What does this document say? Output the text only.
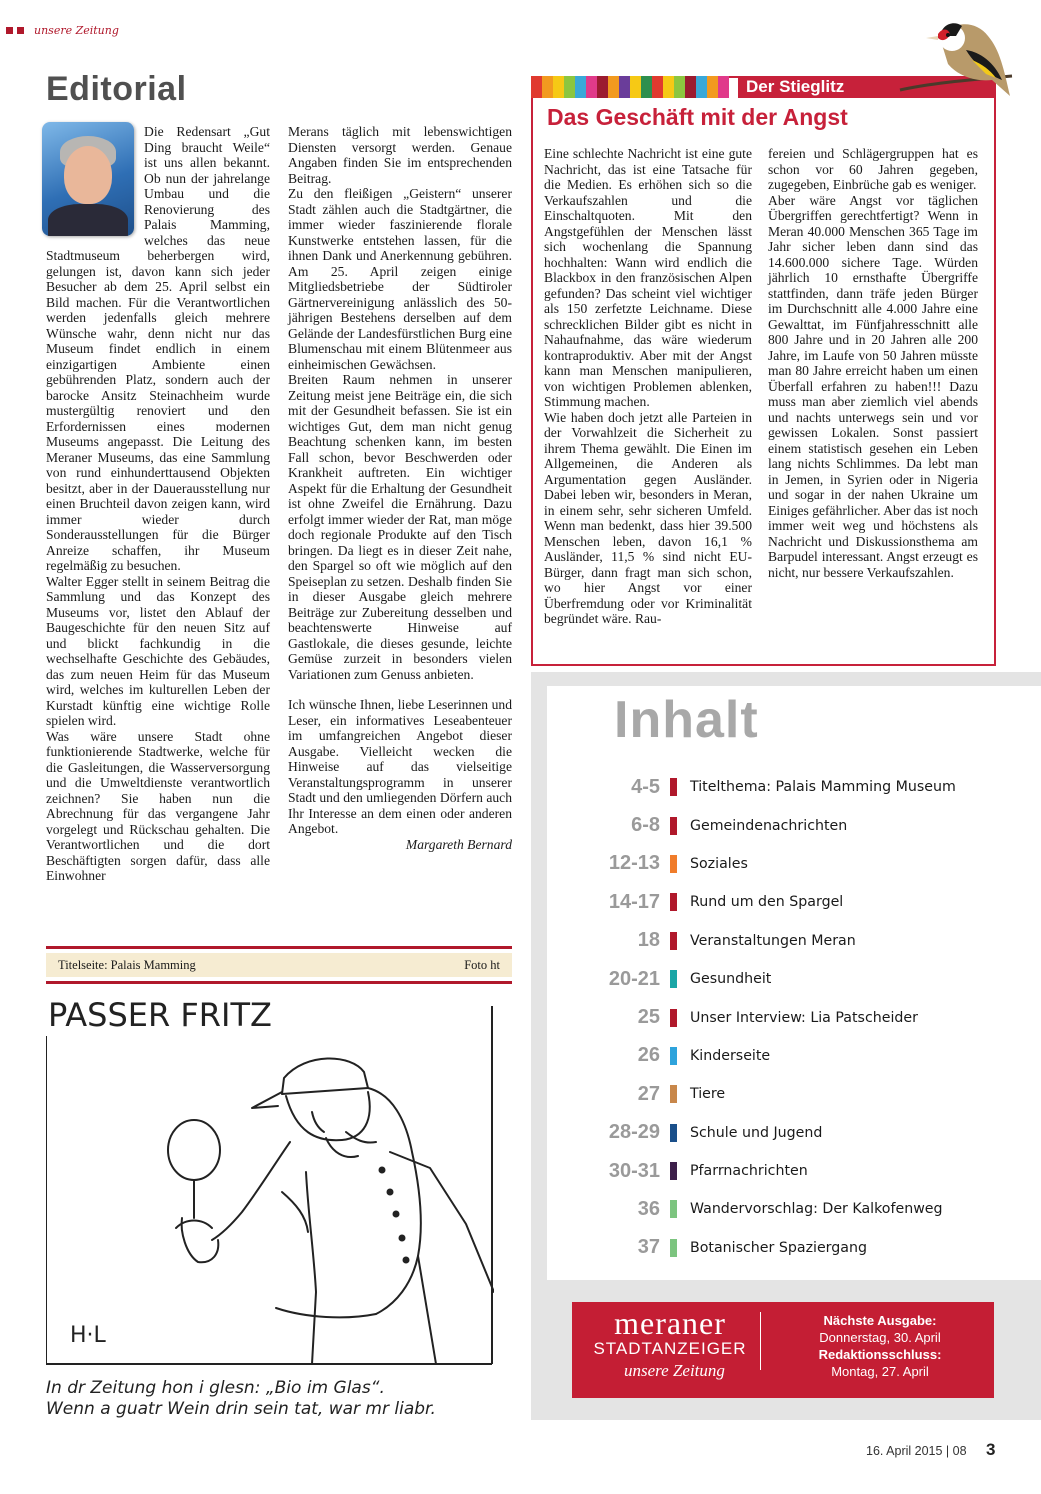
unsere Zeitung
Editorial

Die Redensart „Gut Ding braucht Weile“ ist uns allen bekannt. Ob nun der jahrelange Umbau und die Renovierung des Palais Mamming, welches das neue Stadtmuseum beherbergen wird, gelungen ist, davon kann sich jeder Besucher ab dem 25. April selbst ein Bild machen. Für die Verantwortlichen werden jedenfalls gleich mehrere Wünsche wahr, denn nicht nur das Museum findet endlich in einem einzigartigen Ambiente einen gebührenden Platz, sondern auch der barocke Ansitz Steinachheim wurde mustergültig renoviert und den Erfordernissen eines modernen Museums angepasst. Die Leitung des Meraner Museums, das eine Sammlung von rund einhunderttausend Objekten besitzt, aber in der Dauerausstellung nur einen Bruchteil davon zeigen kann, wird immer wieder durch Sonderausstellungen für die Bürger Anreize schaffen, ihr Museum regelmäßig zu besuchen.

Walter Egger stellt in seinem Beitrag die Sammlung und das Konzept des Museums vor, listet den Ablauf der Baugeschichte für den neuen Sitz auf und blickt fachkundig in die wechselhafte Geschichte des Gebäudes, das zum neuen Heim für das Museum wird, welches im kulturellen Leben der Kurstadt künftig eine wichtige Rolle spielen wird.

Was wäre unsere Stadt ohne funktionierende Stadtwerke, welche für die Gasleitungen, die Wasserversorgung und die Umweltdienste verantwortlich zeichnen? Sie haben nun die Abrechnung für das vergangene Jahr vorgelegt und Rückschau gehalten. Die Verantwortlichen und die dort Beschäftigten sorgen dafür, dass alle Einwohner

Merans täglich mit lebenswichtigen Diensten versorgt werden. Genaue Angaben finden Sie im entsprechenden Beitrag.

Zu den fleißigen „Geistern“ unserer Stadt zählen auch die Stadtgärtner, die immer wieder faszinierende florale Kunstwerke entstehen lassen, für die ihnen Dank und Anerkennung gebühren. Am 25. April zeigen einige Mitgliedsbetriebe der Südtiroler Gärtnervereinigung anlässlich des 50-jährigen Bestehens derselben auf dem Gelände der Landesfürstlichen Burg eine Blumenschau mit einem Blütenmeer aus einheimischen Gewächsen.

Breiten Raum nehmen in unserer Zeitung meist jene Beiträge ein, die sich mit der Gesundheit befassen. Sie ist ein wichtiges Gut, dem man nicht genug Beachtung schenken kann, im besten Fall schon, bevor Beschwerden oder Krankheit auftreten. Ein wichtiger Aspekt für die Erhaltung der Gesundheit ist ohne Zweifel die Ernährung. Dazu erfolgt immer wieder der Rat, man möge doch regionale Produkte auf den Tisch bringen. Da liegt es in dieser Zeit nahe, den Spargel so oft wie möglich auf den Speiseplan zu setzen. Deshalb finden Sie in dieser Ausgabe gleich mehrere Beiträge zur Zubereitung desselben und beachtenswerte Hinweise auf Gastlokale, die dieses gesunde, leichte Gemüse zurzeit in besonders vielen Variationen zum Genuss anbieten.

Ich wünsche Ihnen, liebe Leserinnen und Leser, ein informatives Leseabenteuer im umfangreichen Angebot dieser Ausgabe. Vielleicht wecken die Hinweise auf das vielseitige Veranstaltungsprogramm in unserer Stadt und den umliegenden Dörfern auch Ihr Interesse an dem einen oder anderen Angebot.

Margareth Bernard

Titelseite: Palais Mamming	Foto ht
PASSER FRITZ
H·L
In dr Zeitung hon i glesn: „Bio im Glas“.
Wenn a guatr Wein drin sein tat, war mr liabr.
Der Stieglitz
Das Geschäft mit der Angst

Eine schlechte Nachricht ist eine gute Nachricht, das ist eine Tatsache für die Medien. Es erhöhen sich so die Verkaufszahlen und die Einschaltquoten. Mit den Angstgefühlen der Menschen lässt sich wochenlang die Spannung hochhalten: Wann wird endlich die Blackbox in den französischen Alpen gefunden? Das scheint viel wichtiger als 150 zerfetzte Leichname. Diese schrecklichen Bilder gibt es nicht in Nahaufnahme, das wäre wiederum kontraproduktiv. Aber mit der Angst kann man Menschen manipulieren, von wichtigen Problemen ablenken, Stimmung machen.

Wie haben doch jetzt alle Parteien in der Vorwahlzeit die Sicherheit zu ihrem Thema gewählt. Die Einen im Allgemeinen, die Anderen als Argumentation gegen Ausländer. Dabei leben wir, besonders in Meran, in einem sehr, sehr sicheren Umfeld. Wenn man bedenkt, dass hier 39.500 Menschen leben, davon 16,1 % Ausländer, 11,5 % sind nicht EU-Bürger, dann fragt man sich schon, wo hier Angst vor einer Überfremdung oder vor Kriminalität begründet wäre. Rau-

fereien und Schlägergruppen hat es schon vor 60 Jahren gegeben, zugegeben, Einbrüche gab es weniger.

Aber wäre Angst vor täglichen Übergriffen gerechtfertigt? Wenn in Meran 40.000 Menschen 365 Tage im Jahr sicher leben dann sind das 14.600.000 sichere Tage. Würden jährlich 10 ernsthafte Übergriffe stattfinden, dann träfe jeden Bürger im Durchschnitt alle 4.000 Jahre eine Gewalttat, im Fünfjahresschnitt alle 800 Jahre und in 20 Jahren alle 200 Jahre, im Laufe von 50 Jahren müsste man 80 Jahre erreicht haben um einen Überfall erfahren zu haben!!! Dazu muss man aber ziemlich viel abends und nachts unterwegs sein und vor gewissen Lokalen. Sonst passiert einem statistisch gesehen ein Leben lang nichts Schlimmes. Da lebt man in Jemen, in Syrien oder in Nigeria und sogar in der nahen Ukraine um Einiges gefährlicher. Aber das ist noch immer weit weg und höchstens als Nachricht und Diskussionsthema am Barpudel interessant. Angst erzeugt es nicht, nur bessere Verkaufszahlen.

Inhalt
4-5 Titelthema: Palais Mamming Museum
6-8 Gemeindenachrichten
12-13 Soziales
14-17 Rund um den Spargel
18 Veranstaltungen Meran
20-21 Gesundheit
25 Unser Interview: Lia Patscheider
26 Kinderseite
27 Tiere
28-29 Schule und Jugend
30-31 Pfarrnachrichten
36 Wandervorschlag: Der Kalkofenweg
37 Botanischer Spaziergang
meraner
STADTANZEIGER
unsere Zeitung
Nächste Ausgabe:
Donnerstag, 30. April
Redaktionsschluss:
Montag, 27. April
16. April 2015 | 08 3
